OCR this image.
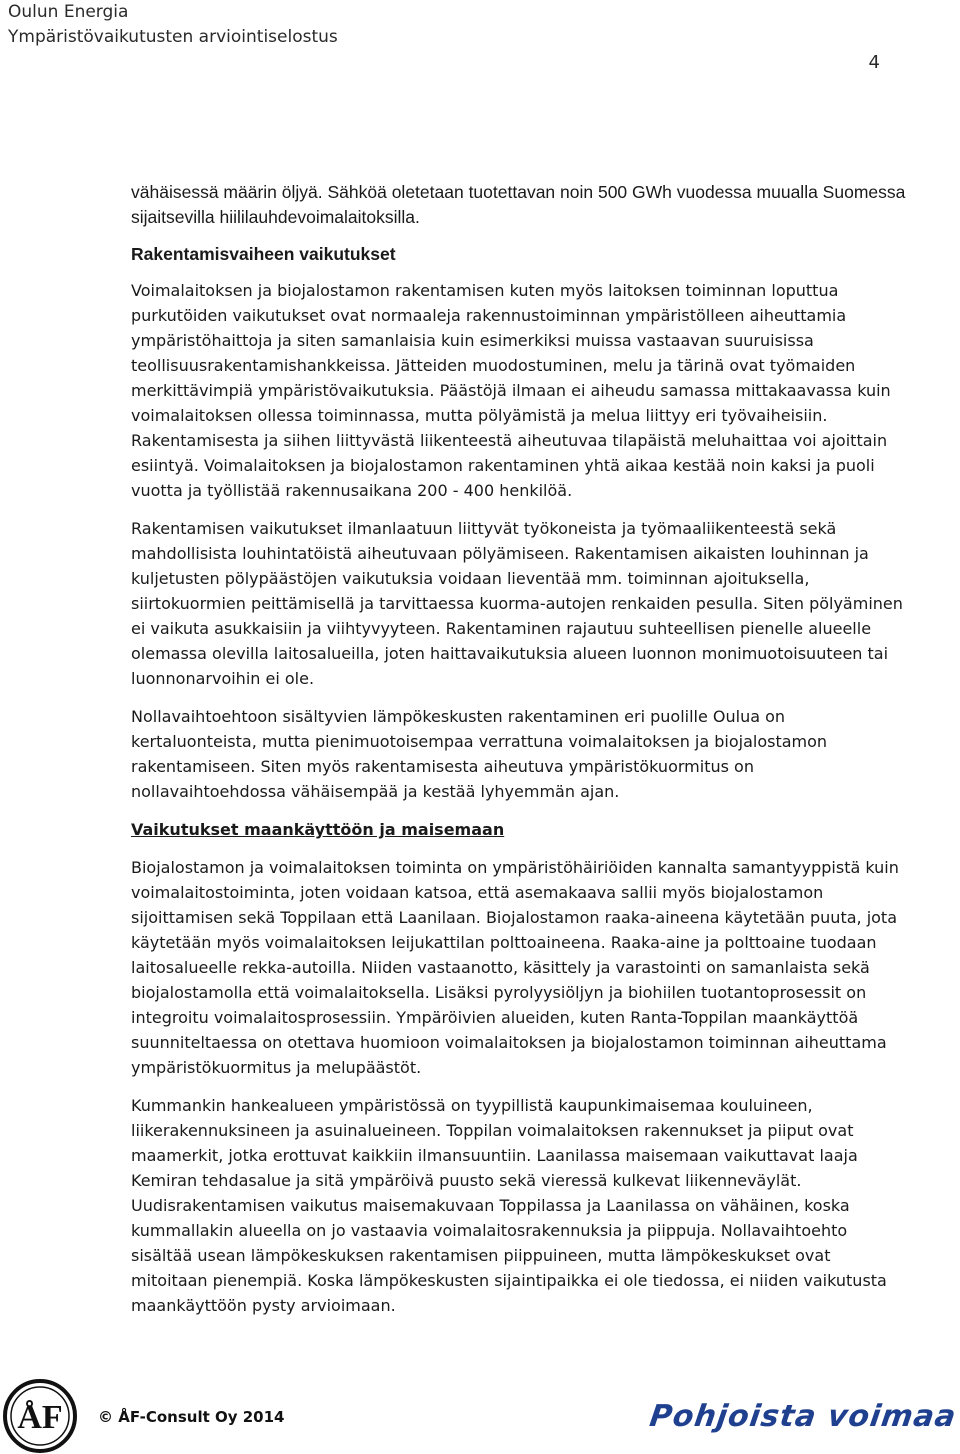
Oulun Energia
Ympäristövaikutusten arviointiselostus
4

vähäisessä määrin öljyä. Sähköä oletetaan tuotettavan noin 500 GWh vuodessa muualla Suomessa sijaitsevilla hiililauhdevoimalaitoksilla.

Rakentamisvaiheen vaikutukset

Voimalaitoksen ja biojalostamon rakentamisen kuten myös laitoksen toiminnan loputtua purkutöiden vaikutukset ovat normaaleja rakennustoiminnan ympäristölleen aiheuttamia ympäristöhaittoja ja siten samanlaisia kuin esimerkiksi muissa vastaavan suuruisissa teollisuusrakentamishankkeissa. Jätteiden muodostuminen, melu ja tärinä ovat työmaiden merkittävimpiä ympäristövaikutuksia. Päästöjä ilmaan ei aiheudu samassa mittakaavassa kuin voimalaitoksen ollessa toiminnassa, mutta pölyämistä ja melua liittyy eri työvaiheisiin. Rakentamisesta ja siihen liittyvästä liikenteestä aiheutuvaa tilapäistä meluhaittaa voi ajoittain esiintyä. Voimalaitoksen ja biojalostamon rakentaminen yhtä aikaa kestää noin kaksi ja puoli vuotta ja työllistää rakennusaikana 200 - 400 henkilöä.

Rakentamisen vaikutukset ilmanlaatuun liittyvät työkoneista ja työmaaliikenteestä sekä mahdollisista louhintatöistä aiheutuvaan pölyämiseen. Rakentamisen aikaisten louhinnan ja kuljetusten pölypäästöjen vaikutuksia voidaan lieventää mm. toiminnan ajoituksella, siirtokuormien peittämisellä ja tarvittaessa kuorma-autojen renkaiden pesulla. Siten pölyäminen ei vaikuta asukkaisiin ja viihtyvyyteen. Rakentaminen rajautuu suhteellisen pienelle alueelle olemassa olevilla laitosalueilla, joten haittavaikutuksia alueen luonnon monimuotoisuuteen tai luonnonarvoihin ei ole.

Nollavaihtoehtoon sisältyvien lämpökeskusten rakentaminen eri puolille Oulua on kertaluonteista, mutta pienimuotoisempaa verrattuna voimalaitoksen ja biojalostamon rakentamiseen. Siten myös rakentamisesta aiheutuva ympäristökuormitus on nollavaihtoehdossa vähäisempää ja kestää lyhyemmän ajan.

Vaikutukset maankäyttöön ja maisemaan

Biojalostamon ja voimalaitoksen toiminta on ympäristöhäiriöiden kannalta samantyyppistä kuin voimalaitostoiminta, joten voidaan katsoa, että asemakaava sallii myös biojalostamon sijoittamisen sekä Toppilaan että Laanilaan. Biojalostamon raaka-aineena käytetään puuta, jota käytetään myös voimalaitoksen leijukattilan polttoaineena. Raaka-aine ja polttoaine tuodaan laitosalueelle rekka-autoilla. Niiden vastaanotto, käsittely ja varastointi on samanlaista sekä biojalostamolla että voimalaitoksella. Lisäksi pyrolyysiöljyn ja biohiilen tuotantoprosessit on integroitu voimalaitosprosessiin. Ympäröivien alueiden, kuten Ranta-Toppilan maankäyttöä suunniteltaessa on otettava huomioon voimalaitoksen ja biojalostamon toiminnan aiheuttama ympäristökuormitus ja melupäästöt.

Kummankin hankealueen ympäristössä on tyypillistä kaupunkimaisemaa kouluineen, liikerakennuksineen ja asuinalueineen. Toppilan voimalaitoksen rakennukset ja piiput ovat maamerkit, jotka erottuvat kaikkiin ilmansuuntiin. Laanilassa maisemaan vaikuttavat laaja Kemiran tehdasalue ja sitä ympäröivä puusto sekä vieressä kulkevat liikenneväylät. Uudisrakentamisen vaikutus maisemakuvaan Toppilassa ja Laanilassa on vähäinen, koska kummallakin alueella on jo vastaavia voimalaitosrakennuksia ja piippuja. Nollavaihtoehto sisältää usean lämpökeskuksen rakentamisen piippuineen, mutta lämpökeskukset ovat mitoitaan pienempiä. Koska lämpökeskusten sijaintipaikka ei ole tiedossa, ei niiden vaikutusta maankäyttöön pysty arvioimaan.

ÅF © ÅF-Consult Oy 2014	Pohjoista voimaa
